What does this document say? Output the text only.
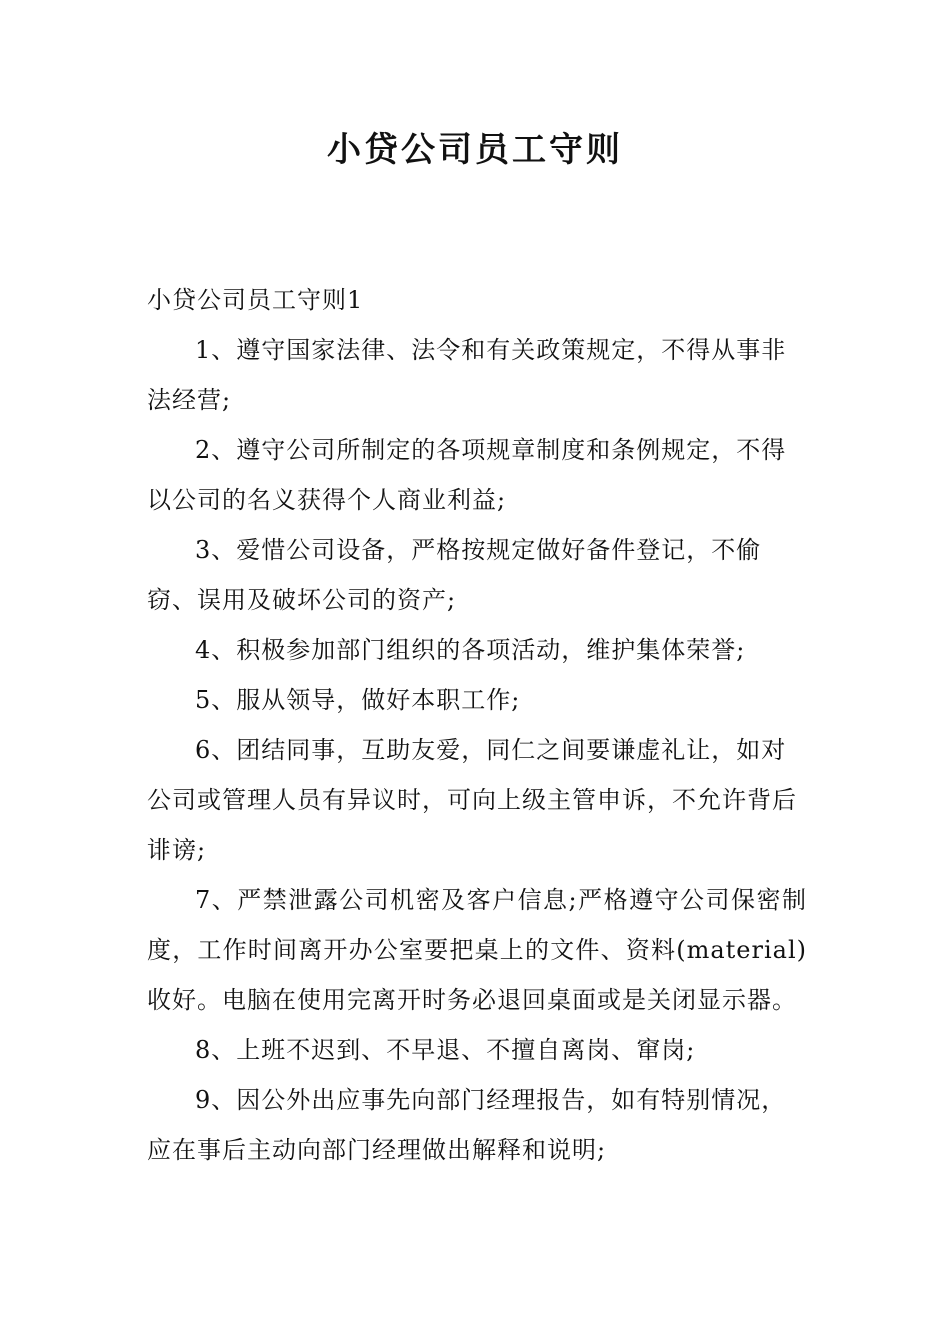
小贷公司员工守则

小贷公司员工守则1

1、遵守国家法律、法令和有关政策规定，不得从事非法经营;

2、遵守公司所制定的各项规章制度和条例规定，不得以公司的名义获得个人商业利益;

3、爱惜公司设备，严格按规定做好备件登记，不偷窃、误用及破坏公司的资产;

4、积极参加部门组织的各项活动，维护集体荣誉;

5、服从领导，做好本职工作;

6、团结同事，互助友爱，同仁之间要谦虚礼让，如对公司或管理人员有异议时，可向上级主管申诉，不允许背后诽谤;

7、严禁泄露公司机密及客户信息;严格遵守公司保密制度，工作时间离开办公室要把桌上的文件、资料(material)收好。电脑在使用完离开时务必退回桌面或是关闭显示器。

8、上班不迟到、不早退、不擅自离岗、窜岗;

9、因公外出应事先向部门经理报告，如有特别情况，应在事后主动向部门经理做出解释和说明;
